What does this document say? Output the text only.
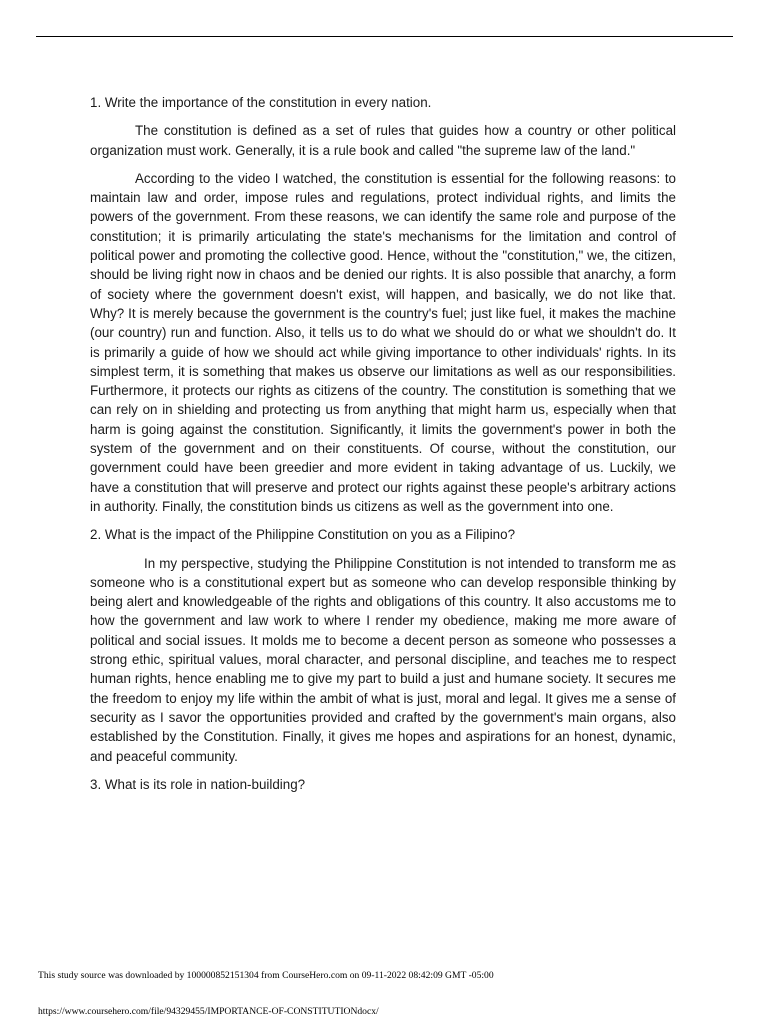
1. Write the importance of the constitution in every nation.

The constitution is defined as a set of rules that guides how a country or other political organization must work. Generally, it is a rule book and called "the supreme law of the land."

According to the video I watched, the constitution is essential for the following reasons: to maintain law and order, impose rules and regulations, protect individual rights, and limits the powers of the government. From these reasons, we can identify the same role and purpose of the constitution; it is primarily articulating the state's mechanisms for the limitation and control of political power and promoting the collective good. Hence, without the "constitution," we, the citizen, should be living right now in chaos and be denied our rights. It is also possible that anarchy, a form of society where the government doesn't exist, will happen, and basically, we do not like that. Why? It is merely because the government is the country's fuel; just like fuel, it makes the machine (our country) run and function. Also, it tells us to do what we should do or what we shouldn't do. It is primarily a guide of how we should act while giving importance to other individuals' rights. In its simplest term, it is something that makes us observe our limitations as well as our responsibilities. Furthermore, it protects our rights as citizens of the country. The constitution is something that we can rely on in shielding and protecting us from anything that might harm us, especially when that harm is going against the constitution. Significantly, it limits the government's power in both the system of the government and on their constituents. Of course, without the constitution, our government could have been greedier and more evident in taking advantage of us. Luckily, we have a constitution that will preserve and protect our rights against these people's arbitrary actions in authority. Finally, the constitution binds us citizens as well as the government into one.

2. What is the impact of the Philippine Constitution on you as a Filipino?

In my perspective, studying the Philippine Constitution is not intended to transform me as someone who is a constitutional expert but as someone who can develop responsible thinking by being alert and knowledgeable of the rights and obligations of this country. It also accustoms me to how the government and law work to where I render my obedience, making me more aware of political and social issues. It molds me to become a decent person as someone who possesses a strong ethic, spiritual values, moral character, and personal discipline, and teaches me to respect human rights, hence enabling me to give my part to build a just and humane society. It secures me the freedom to enjoy my life within the ambit of what is just, moral and legal. It gives me a sense of security as I savor the opportunities provided and crafted by the government's main organs, also established by the Constitution. Finally, it gives me hopes and aspirations for an honest, dynamic, and peaceful community.

3. What is its role in nation-building?

This study source was downloaded by 100000852151304 from CourseHero.com on 09-11-2022 08:42:09 GMT -05:00
https://www.coursehero.com/file/94329455/IMPORTANCE-OF-CONSTITUTIONdocx/
